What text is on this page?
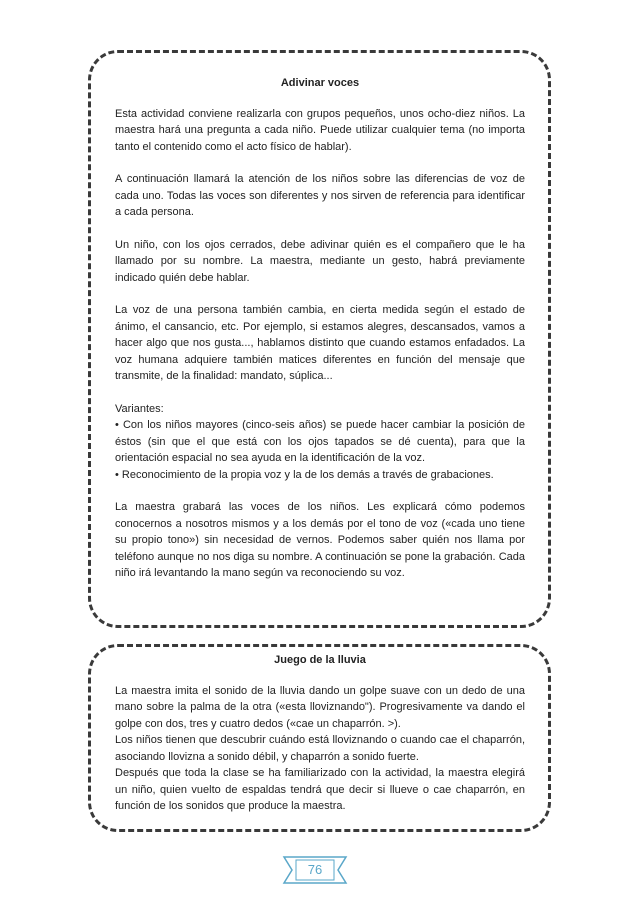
Adivinar voces

Esta actividad conviene realizarla con grupos pequeños, unos ocho-diez niños. La maestra hará una pregunta a cada niño. Puede utilizar cualquier tema (no importa tanto el contenido como el acto físico de hablar).

A continuación llamará la atención de los niños sobre las diferencias de voz de cada uno. Todas las voces son diferentes y nos sirven de referencia para identificar a cada persona.

Un niño, con los ojos cerrados, debe adivinar quién es el compañero que le ha llamado por su nombre. La maestra, mediante un gesto, habrá previamente indicado quién debe hablar.

La voz de una persona también cambia, en cierta medida según el estado de ánimo, el cansancio, etc. Por ejemplo, si estamos alegres, descansados, vamos a hacer algo que nos gusta..., hablamos distinto que cuando estamos enfadados. La voz humana adquiere también matices diferentes en función del mensaje que transmite, de la finalidad: mandato, súplica...

Variantes:
• Con los niños mayores (cinco-seis años) se puede hacer cambiar la posición de éstos (sin que el que está con los ojos tapados se dé cuenta), para que la orientación espacial no sea ayuda en la identificación de la voz.

• Reconocimiento de la propia voz y la de los demás a través de grabaciones.

La maestra grabará las voces de los niños. Les explicará cómo podemos conocernos a nosotros mismos y a los demás por el tono de voz («cada uno tiene su propio tono») sin necesidad de vernos. Podemos saber quién nos llama por teléfono aunque no nos diga su nombre. A continuación se pone la grabación. Cada niño irá levantando la mano según va reconociendo su voz.

Juego de la lluvia
La maestra imita el sonido de la lluvia dando un golpe suave con un dedo de una mano sobre la palma de la otra («esta lloviznando"). Progresivamente va dando el golpe con dos, tres y cuatro dedos («cae un chaparrón. >).
Los niños tienen que descubrir cuándo está lloviznando o cuando cae el chaparrón, asociando llovizna a sonido débil, y chaparrón a sonido fuerte.
Después que toda la clase se ha familiarizado con la actividad, la maestra elegirá un niño, quien vuelto de espaldas tendrá que decir si llueve o cae chaparrón, en función de los sonidos que produce la maestra.
76
